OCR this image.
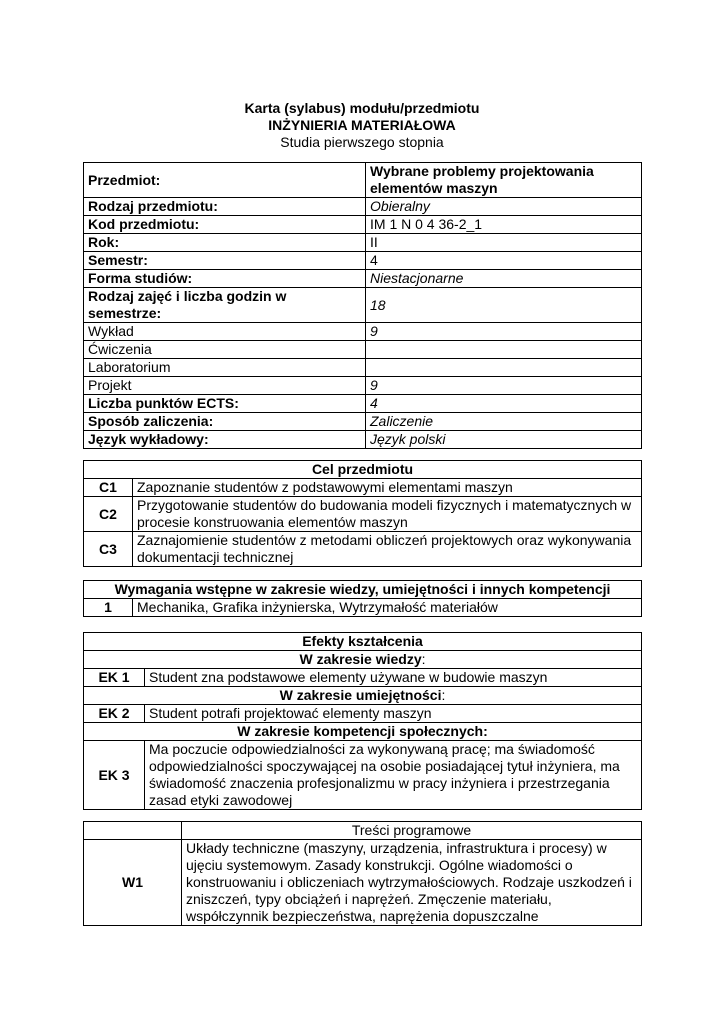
Karta (sylabus) modułu/przedmiotu
INŻYNIERIA MATERIAŁOWA
Studia pierwszego stopnia
Przedmiot:	Wybrane problemy projektowania elementów maszyn
Rodzaj przedmiotu:	Obieralny
Kod przedmiotu:	IM 1 N 0 4 36-2_1
Rok:	II
Semestr:	4
Forma studiów:	Niestacjonarne
Rodzaj zajęć i liczba godzin w semestrze:	18
Wykład	9
Ćwiczenia	
Laboratorium	
Projekt	9
Liczba punktów ECTS:	4
Sposób zaliczenia:	Zaliczenie
Język wykładowy:	Język polski
Cel przedmiotu	
C1	Zapoznanie studentów z podstawowymi elementami maszyn
C2	Przygotowanie studentów do budowania modeli fizycznych i matematycznych w procesie konstruowania elementów maszyn
C3	Zaznajomienie studentów z metodami obliczeń projektowych oraz wykonywania dokumentacji technicznej
Wymagania wstępne w zakresie wiedzy, umiejętności i innych kompetencji
1	Mechanika, Grafika inżynierska, Wytrzymałość materiałów
Efekty kształcenia	
W zakresie wiedzy:	
EK 1	Student zna podstawowe elementy używane w budowie maszyn
W zakresie umiejętności:	
EK 2	Student potrafi projektować elementy maszyn
W zakresie kompetencji społecznych:	
EK 3	Ma poczucie odpowiedzialności za wykonywaną pracę; ma świadomość odpowiedzialności spoczywającej na osobie posiadającej tytuł inżyniera, ma świadomość znaczenia profesjonalizmu w pracy inżyniera i przestrzegania zasad etyki zawodowej
	Treści programowe
W1	Układy techniczne (maszyny, urządzenia, infrastruktura i procesy) w ujęciu systemowym. Zasady konstrukcji. Ogólne wiadomości o konstruowaniu i obliczeniach wytrzymałościowych. Rodzaje uszkodzeń i zniszczeń, typy obciążeń i naprężeń. Zmęczenie materiału, współczynnik bezpieczeństwa, naprężenia dopuszczalne
